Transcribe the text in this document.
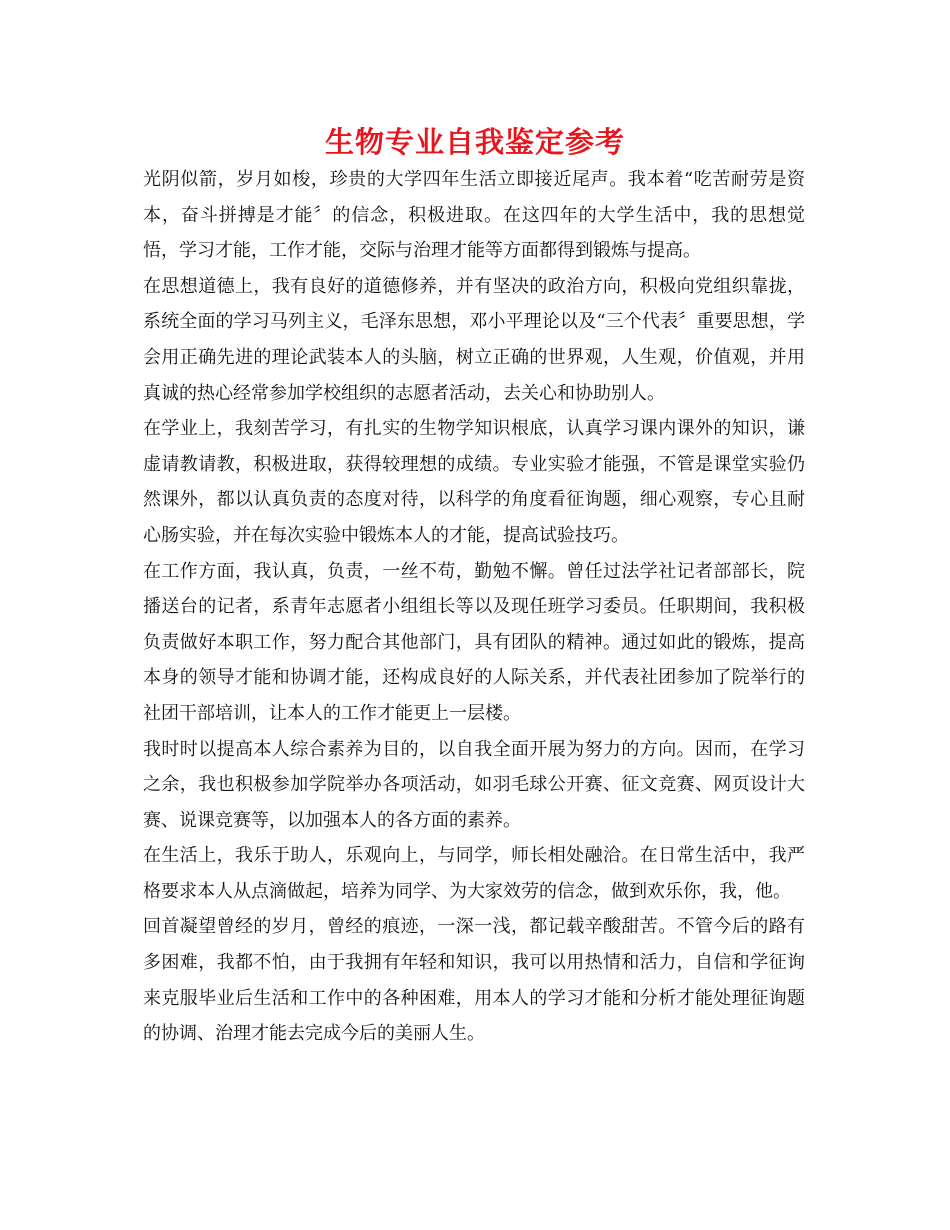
生物专业自我鉴定参考

光阴似箭，岁月如梭，珍贵的大学四年生活立即接近尾声。我本着“吃苦耐劳是资本，奋斗拼搏是才能〞的信念，积极进取。在这四年的大学生活中，我的思想觉悟，学习才能，工作才能，交际与治理才能等方面都得到锻炼与提高。

在思想道德上，我有良好的道德修养，并有坚决的政治方向，积极向党组织靠拢，系统全面的学习马列主义，毛泽东思想，邓小平理论以及“三个代表〞重要思想，学会用正确先进的理论武装本人的头脑，树立正确的世界观，人生观，价值观，并用真诚的热心经常参加学校组织的志愿者活动，去关心和协助别人。

在学业上，我刻苦学习，有扎实的生物学知识根底，认真学习课内课外的知识，谦虚请教请教，积极进取，获得较理想的成绩。专业实验才能强，不管是课堂实验仍然课外，都以认真负责的态度对待，以科学的角度看征询题，细心观察，专心且耐心肠实验，并在每次实验中锻炼本人的才能，提高试验技巧。

在工作方面，我认真，负责，一丝不苟，勤勉不懈。曾任过法学社记者部部长，院播送台的记者，系青年志愿者小组组长等以及现任班学习委员。任职期间，我积极负责做好本职工作，努力配合其他部门，具有团队的精神。通过如此的锻炼，提高本身的领导才能和协调才能，还构成良好的人际关系，并代表社团参加了院举行的社团干部培训，让本人的工作才能更上一层楼。

我时时以提高本人综合素养为目的，以自我全面开展为努力的方向。因而，在学习之余，我也积极参加学院举办各项活动，如羽毛球公开赛、征文竞赛、网页设计大赛、说课竞赛等，以加强本人的各方面的素养。

在生活上，我乐于助人，乐观向上，与同学，师长相处融洽。在日常生活中，我严格要求本人从点滴做起，培养为同学、为大家效劳的信念，做到欢乐你，我，他。

回首凝望曾经的岁月，曾经的痕迹，一深一浅，都记载辛酸甜苦。不管今后的路有多困难，我都不怕，由于我拥有年轻和知识，我可以用热情和活力，自信和学征询来克服毕业后生活和工作中的各种困难，用本人的学习才能和分析才能处理征询题的协调、治理才能去完成今后的美丽人生。
